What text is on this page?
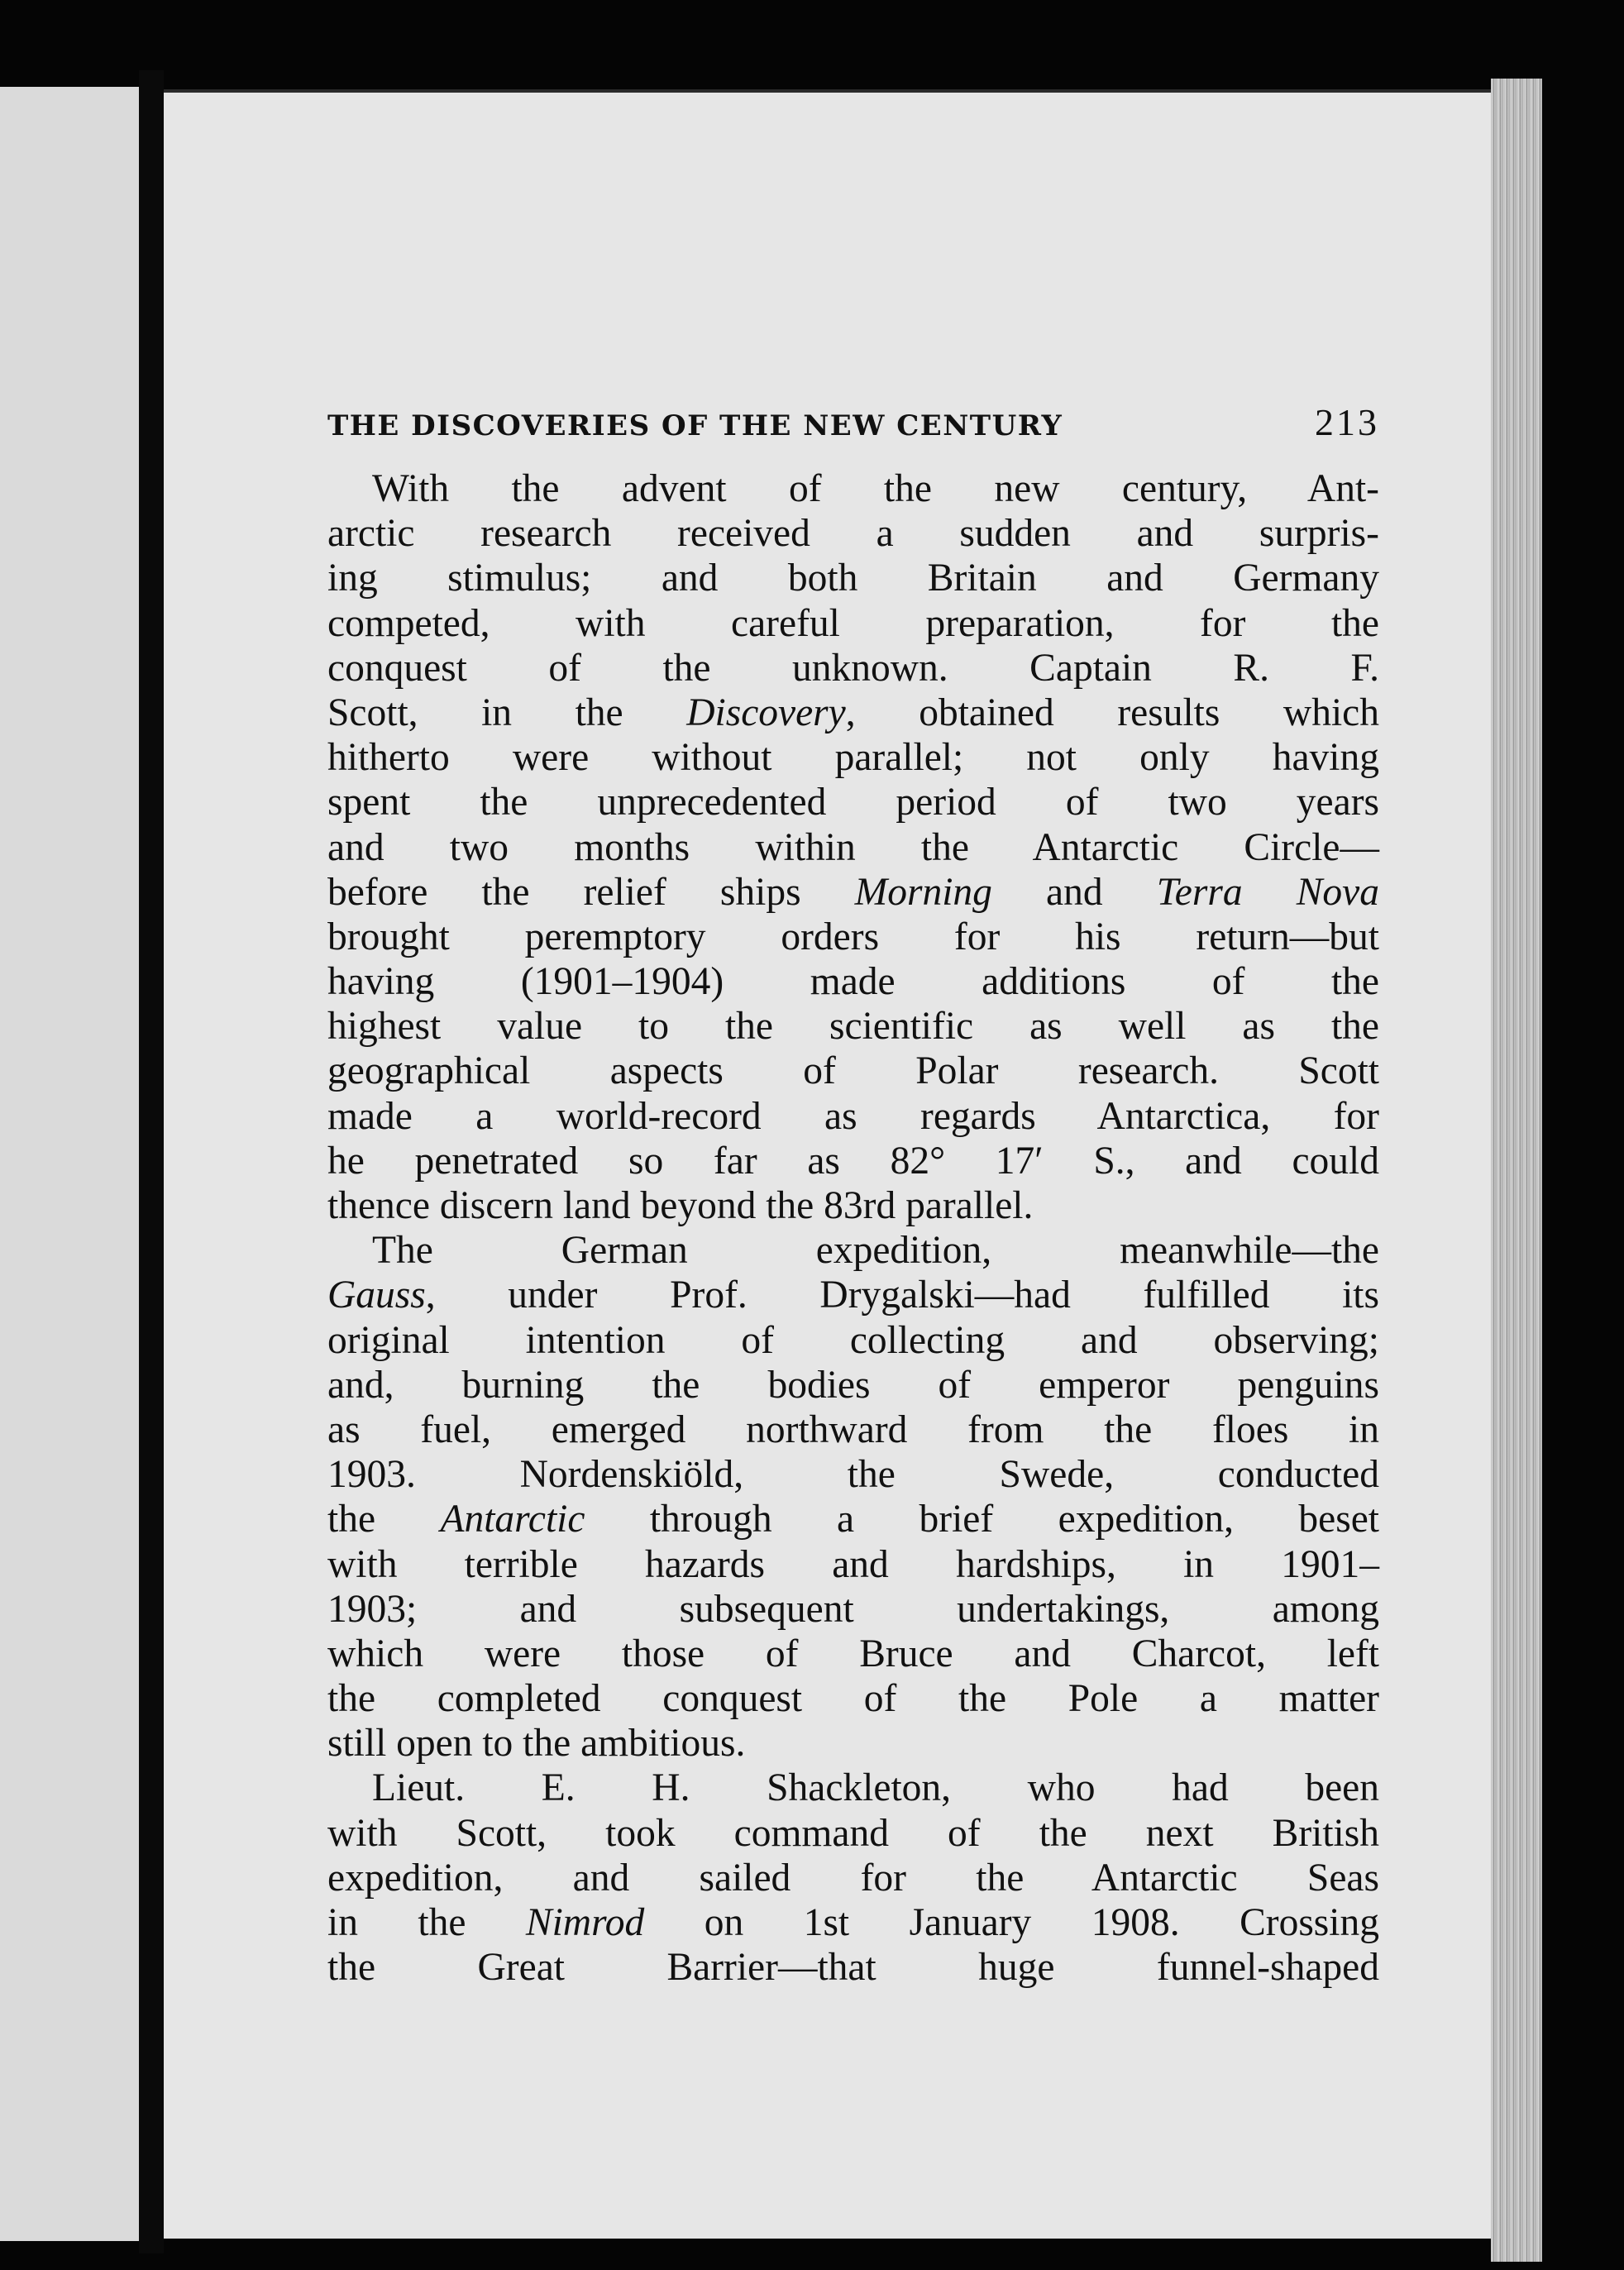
THE DISCOVERIES OF THE NEW CENTURY	213
With the advent of the new century, Ant-
arctic research received a sudden and surpris-
ing stimulus; and both Britain and Germany
competed, with careful preparation, for the
conquest of the unknown. Captain R. F.
Scott, in the Discovery, obtained results which
hitherto were without parallel; not only having
spent the unprecedented period of two years
and two months within the Antarctic Circle—
before the relief ships Morning and Terra Nova
brought peremptory orders for his return—but
having (1901–1904) made additions of the
highest value to the scientific as well as the
geographical aspects of Polar research. Scott
made a world-record as regards Antarctica, for
he penetrated so far as 82° 17′ S., and could
thence discern land beyond the 83rd parallel.
The German expedition, meanwhile—the
Gauss, under Prof. Drygalski—had fulfilled its
original intention of collecting and observing;
and, burning the bodies of emperor penguins
as fuel, emerged northward from the floes in
1903. Nordenskiöld, the Swede, conducted
the Antarctic through a brief expedition, beset
with terrible hazards and hardships, in 1901–
1903; and subsequent undertakings, among
which were those of Bruce and Charcot, left
the completed conquest of the Pole a matter
still open to the ambitious.
Lieut. E. H. Shackleton, who had been
with Scott, took command of the next British
expedition, and sailed for the Antarctic Seas
in the Nimrod on 1st January 1908. Crossing
the Great Barrier—that huge funnel-shaped
